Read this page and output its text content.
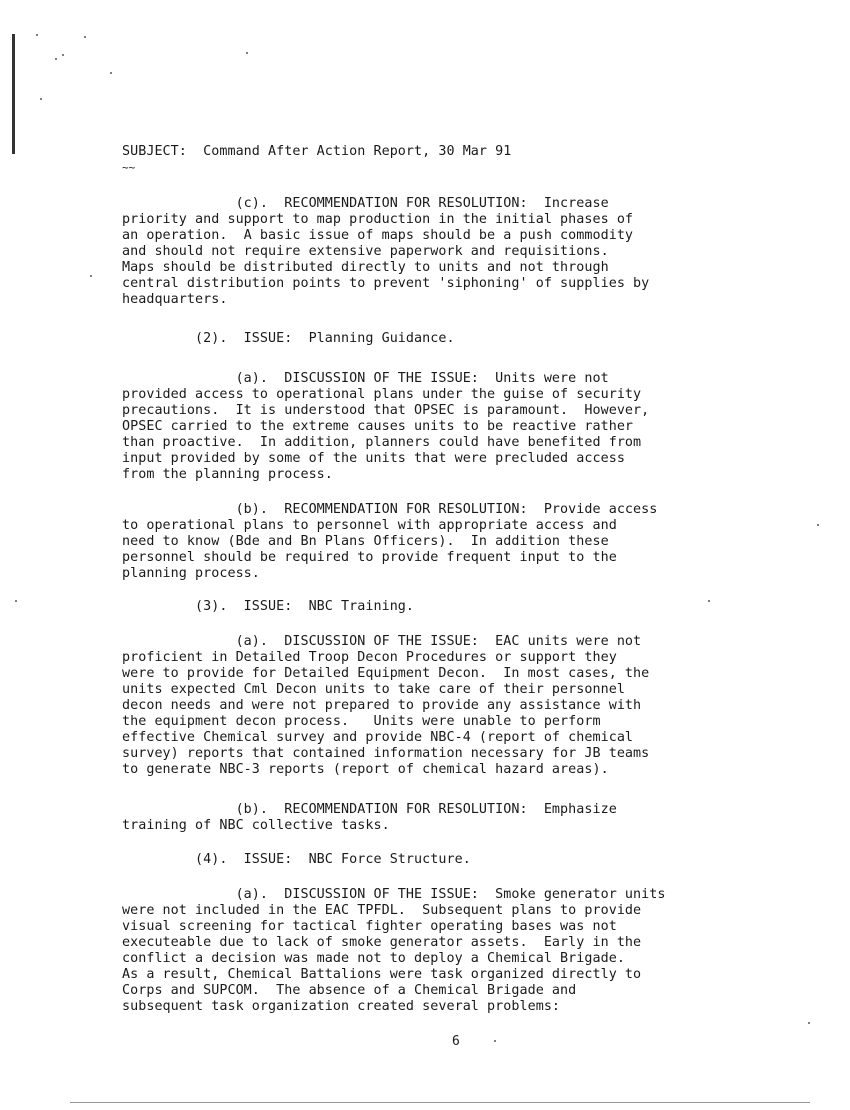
SUBJECT:  Command After Action Report, 30 Mar 91

~~

(c).  RECOMMENDATION FOR RESOLUTION:  Increase

priority and support to map production in the initial phases of

an operation.  A basic issue of maps should be a push commodity

and should not require extensive paperwork and requisitions.

Maps should be distributed directly to units and not through

central distribution points to prevent 'siphoning' of supplies by

headquarters.

(2).  ISSUE:  Planning Guidance.

(a).  DISCUSSION OF THE ISSUE:  Units were not

provided access to operational plans under the guise of security

precautions.  It is understood that OPSEC is paramount.  However,

OPSEC carried to the extreme causes units to be reactive rather

than proactive.  In addition, planners could have benefited from

input provided by some of the units that were precluded access

from the planning process.

(b).  RECOMMENDATION FOR RESOLUTION:  Provide access

to operational plans to personnel with appropriate access and

need to know (Bde and Bn Plans Officers).  In addition these

personnel should be required to provide frequent input to the

planning process.

(3).  ISSUE:  NBC Training.

(a).  DISCUSSION OF THE ISSUE:  EAC units were not

proficient in Detailed Troop Decon Procedures or support they

were to provide for Detailed Equipment Decon.  In most cases, the

units expected Cml Decon units to take care of their personnel

decon needs and were not prepared to provide any assistance with

the equipment decon process.   Units were unable to perform

effective Chemical survey and provide NBC-4 (report of chemical

survey) reports that contained information necessary for JB teams

to generate NBC-3 reports (report of chemical hazard areas).

(b).  RECOMMENDATION FOR RESOLUTION:  Emphasize

training of NBC collective tasks.

(4).  ISSUE:  NBC Force Structure.

(a).  DISCUSSION OF THE ISSUE:  Smoke generator units

were not included in the EAC TPFDL.  Subsequent plans to provide

visual screening for tactical fighter operating bases was not

executeable due to lack of smoke generator assets.  Early in the

conflict a decision was made not to deploy a Chemical Brigade.

As a result, Chemical Battalions were task organized directly to

Corps and SUPCOM.  The absence of a Chemical Brigade and

subsequent task organization created several problems:

6
